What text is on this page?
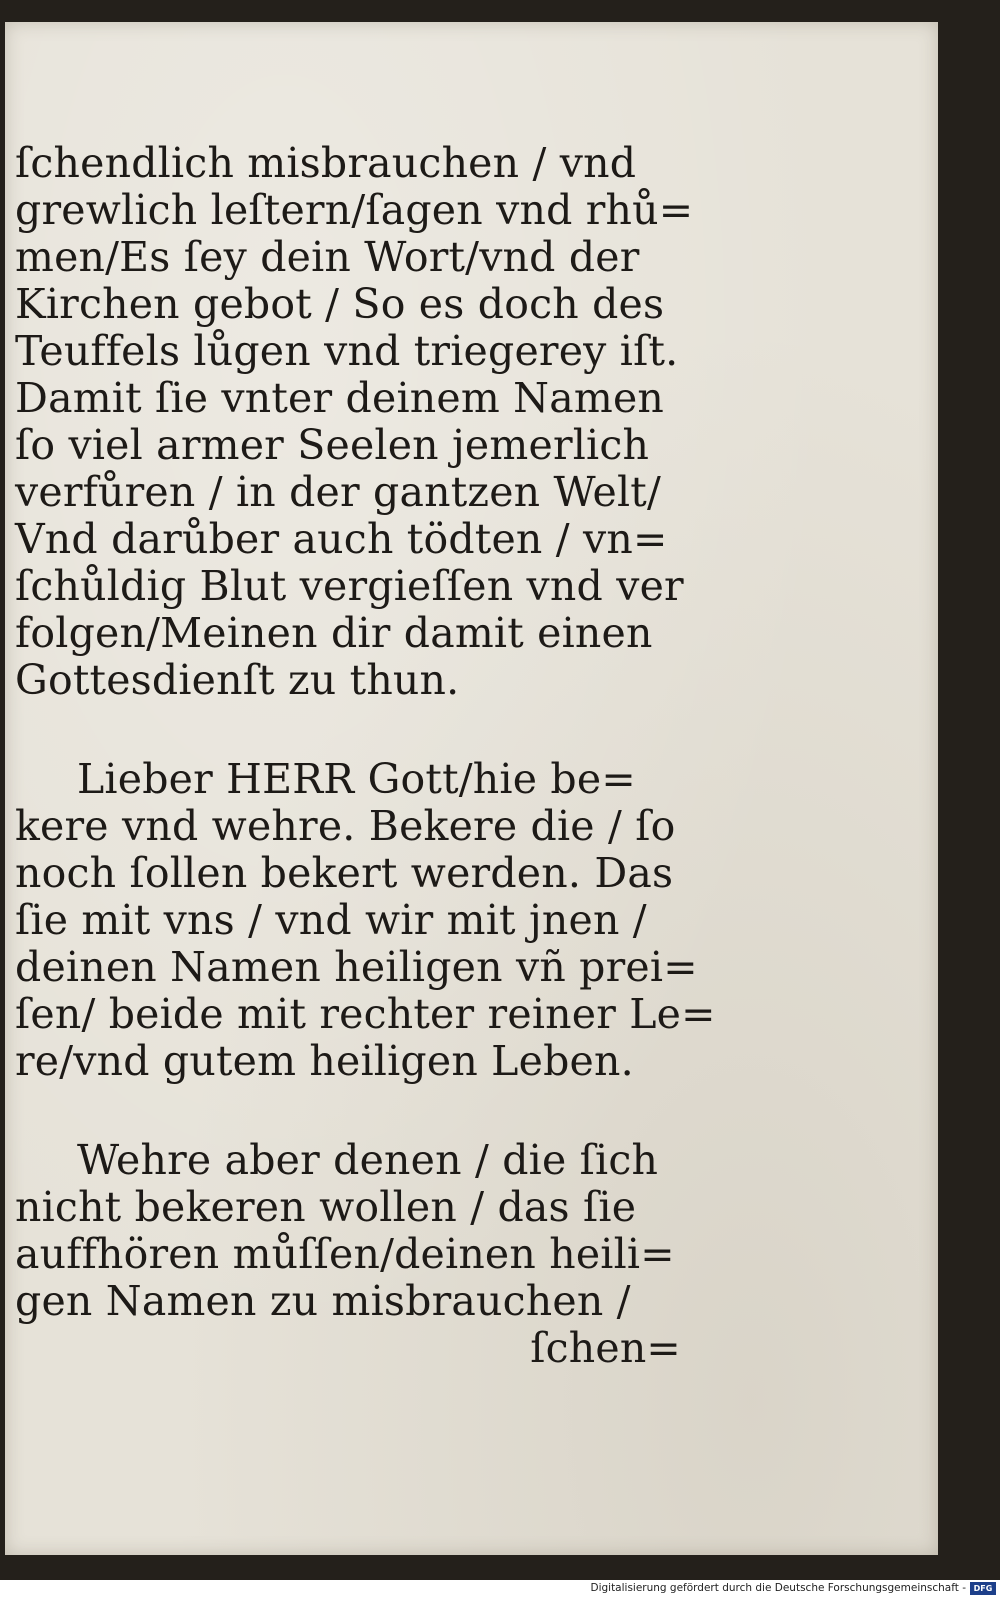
ſchendlich misbrauchen / vnd
grewlich leſtern/ſagen vnd rhů=
men/Es ſey dein Wort/vnd der
Kirchen gebot / So es doch des
Teuffels lůgen vnd triegerey iſt.
Damit ſie vnter deinem Namen
ſo viel armer Seelen jemerlich
verfůren / in der gantzen Welt/
Vnd darůber auch tödten / vn=
ſchůldig Blut vergieſſen vnd ver
folgen/Meinen dir damit einen
Gottesdienſt zu thun.

Lieber HERR Gott/hie be=
kere vnd wehre. Bekere die / ſo
noch ſollen bekert werden. Das
ſie mit vns / vnd wir mit jnen /
deinen Namen heiligen vñ prei=
ſen/ beide mit rechter reiner Le=
re/vnd gutem heiligen Leben.

Wehre aber denen / die ſich
nicht bekeren wollen / das ſie
auffhören můſſen/deinen heili=
gen Namen zu misbrauchen /
ſchen=

Digitalisierung gefördert durch die Deutsche Forschungsgemeinschaft - DFG
